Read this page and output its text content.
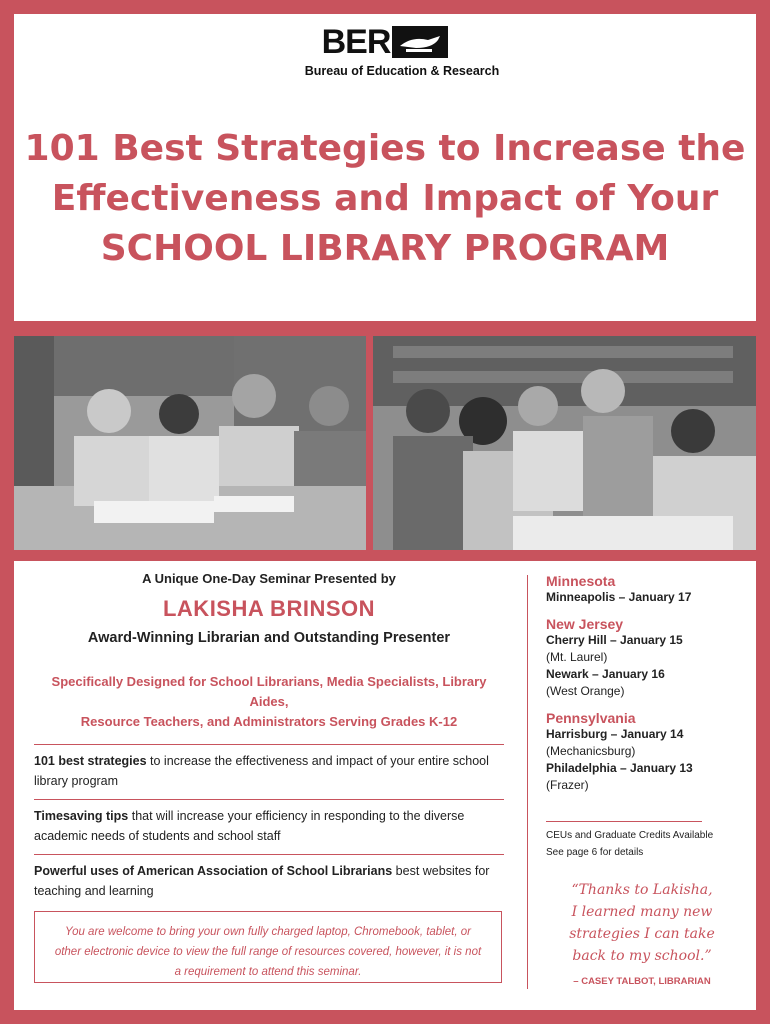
BER
Bureau of Education & Research
101 Best Strategies to Increase the
Effectiveness and Impact of Your
SCHOOL LIBRARY PROGRAM
A Unique One-Day Seminar Presented by
LAKISHA BRINSON
Award-Winning Librarian and Outstanding Presenter
Specifically Designed for School Librarians, Media Specialists, Library Aides,
Resource Teachers, and Administrators Serving Grades K-12
101 best strategies to increase the effectiveness and impact of your entire school library program
Timesaving tips that will increase your efficiency in responding to the diverse academic needs of students and school staff
Powerful uses of American Association of School Librarians best websites for teaching and learning
You are welcome to bring your own fully charged laptop, Chromebook, tablet, or other electronic device to view the full range of resources covered, however, it is not a requirement to attend this seminar.
Minnesota
Minneapolis – January 17
New Jersey
Cherry Hill – January 15
(Mt. Laurel)
Newark – January 16
(West Orange)
Pennsylvania
Harrisburg – January 14
(Mechanicsburg)
Philadelphia – January 13
(Frazer)
CEUs and Graduate Credits Available
See page 6 for details
“Thanks to Lakisha,
I learned many new
strategies I can take
back to my school.”
– CASEY TALBOT, LIBRARIAN
